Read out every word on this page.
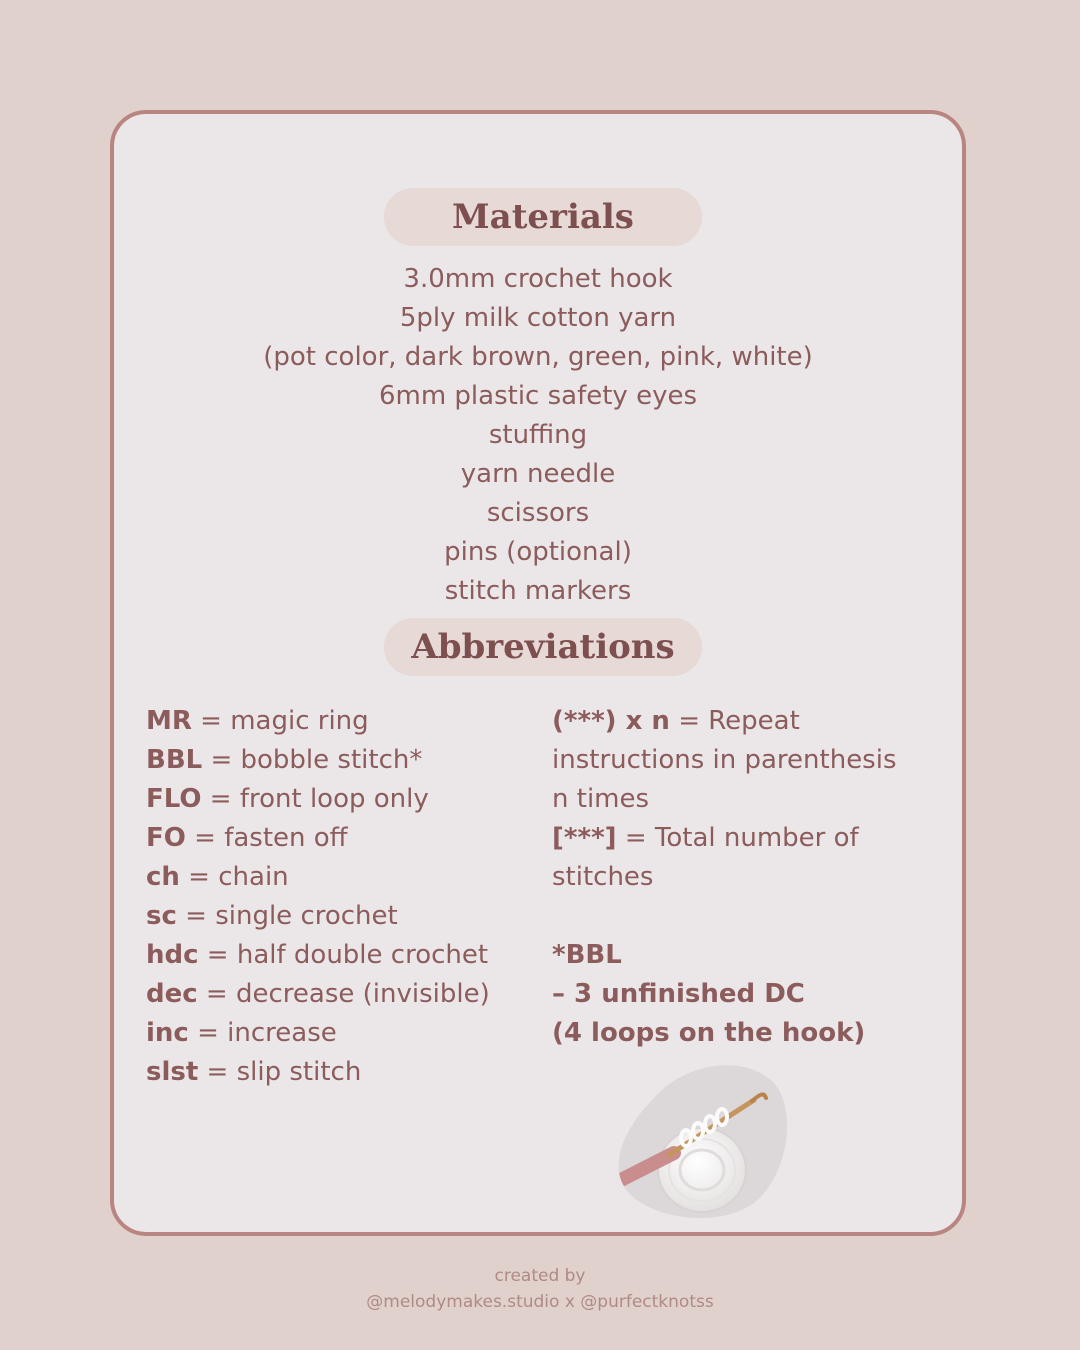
Materials
3.0mm crochet hook
5ply milk cotton yarn
(pot color, dark brown, green, pink, white)
6mm plastic safety eyes
stuffing
yarn needle
scissors
pins (optional)
stitch markers
Abbreviations
MR = magic ring
BBL = bobble stitch*
FLO = front loop only
FO = fasten off
ch = chain
sc = single crochet
hdc = half double crochet
dec = decrease (invisible)
inc = increase
slst = slip stitch

(***) x n = Repeat

instructions in parenthesis

n times

[***] = Total number of

stitches

*BBL

– 3 unfinished DC

(4 loops on the hook)

created by
@melodymakes.studio x @purfectknotss
